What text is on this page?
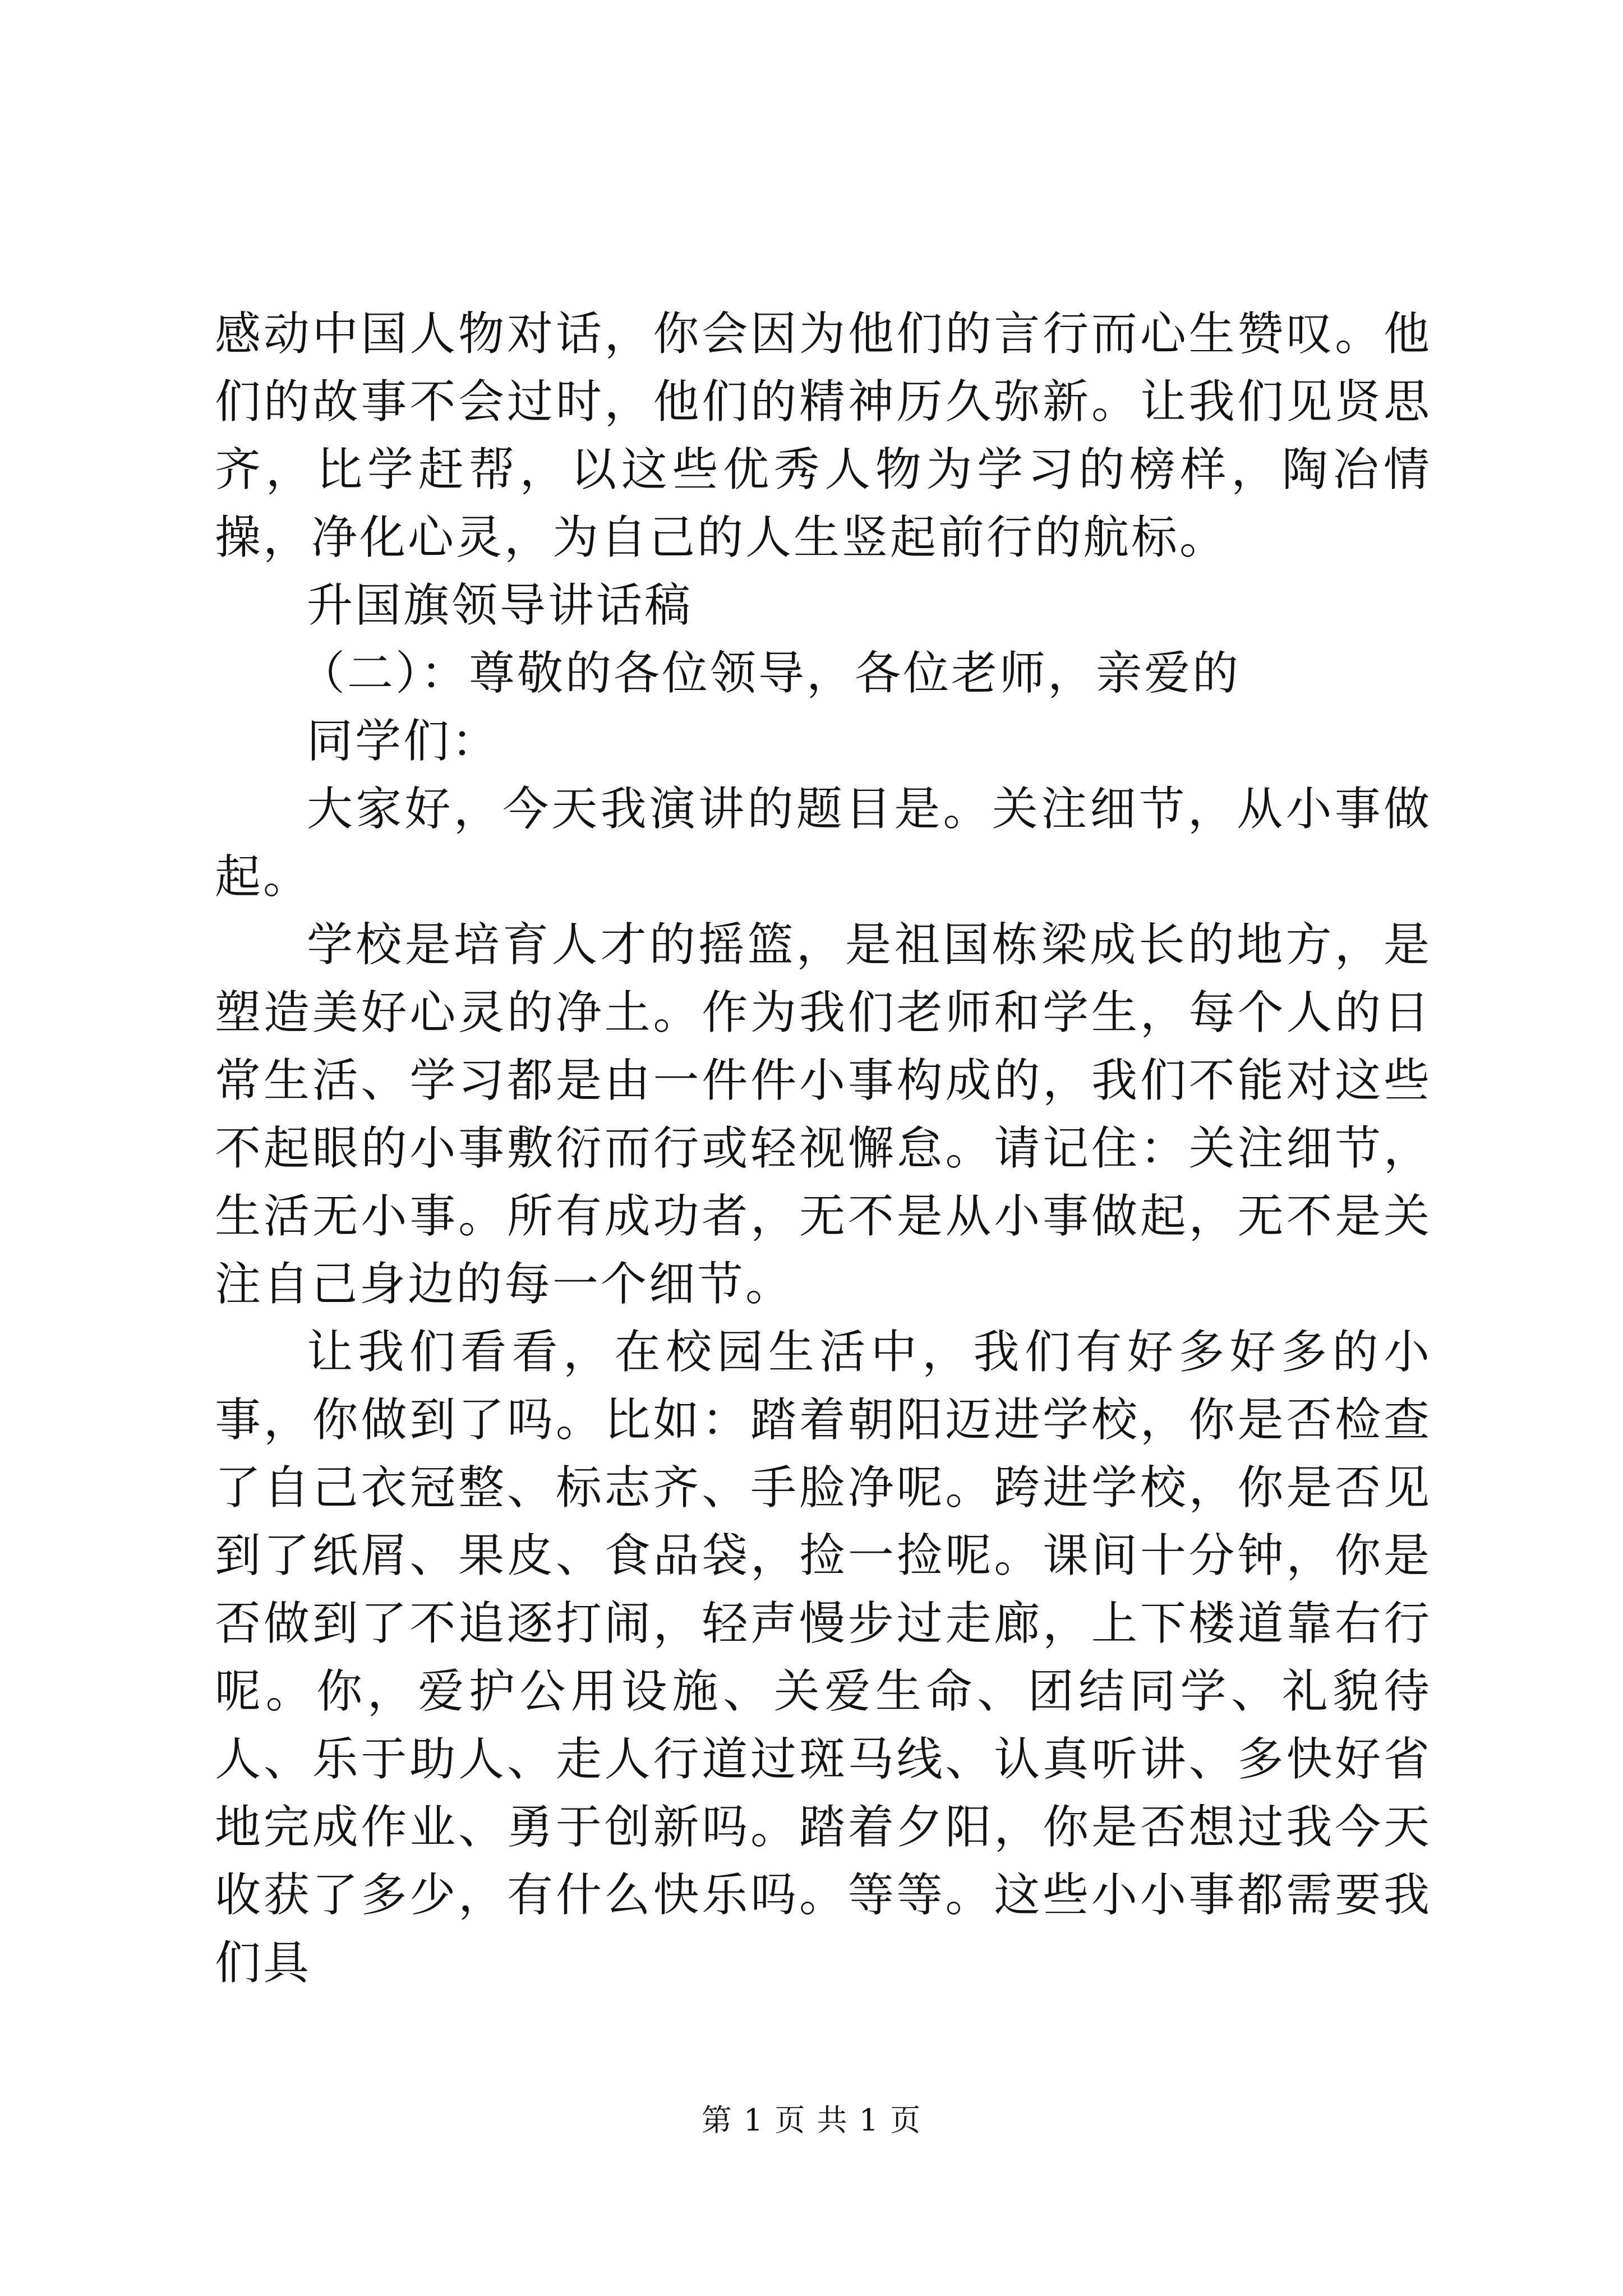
感动中国人物对话，你会因为他们的言行而心生赞叹。他们的故事不会过时，他们的精神历久弥新。让我们见贤思齐，比学赶帮，以这些优秀人物为学习的榜样，陶冶情操，净化心灵，为自己的人生竖起前行的航标。

升国旗领导讲话稿

（二）：尊敬的各位领导，各位老师，亲爱的

同学们：

大家好，今天我演讲的题目是。关注细节，从小事做起。

学校是培育人才的摇篮，是祖国栋梁成长的地方，是塑造美好心灵的净土。作为我们老师和学生，每个人的日常生活、学习都是由一件件小事构成的，我们不能对这些不起眼的小事敷衍而行或轻视懈怠。请记住：关注细节，生活无小事。所有成功者，无不是从小事做起，无不是关注自己身边的每一个细节。

让我们看看，在校园生活中，我们有好多好多的小事，你做到了吗。比如：踏着朝阳迈进学校，你是否检查了自己衣冠整、标志齐、手脸净呢。跨进学校，你是否见到了纸屑、果皮、食品袋，捡一捡呢。课间十分钟，你是否做到了不追逐打闹，轻声慢步过走廊，上下楼道靠右行呢。你，爱护公用设施、关爱生命、团结同学、礼貌待人、乐于助人、走人行道过斑马线、认真听讲、多快好省地完成作业、勇于创新吗。踏着夕阳，你是否想过我今天收获了多少，有什么快乐吗。等等。这些小小事都需要我们具

第 1 页 共 1 页
